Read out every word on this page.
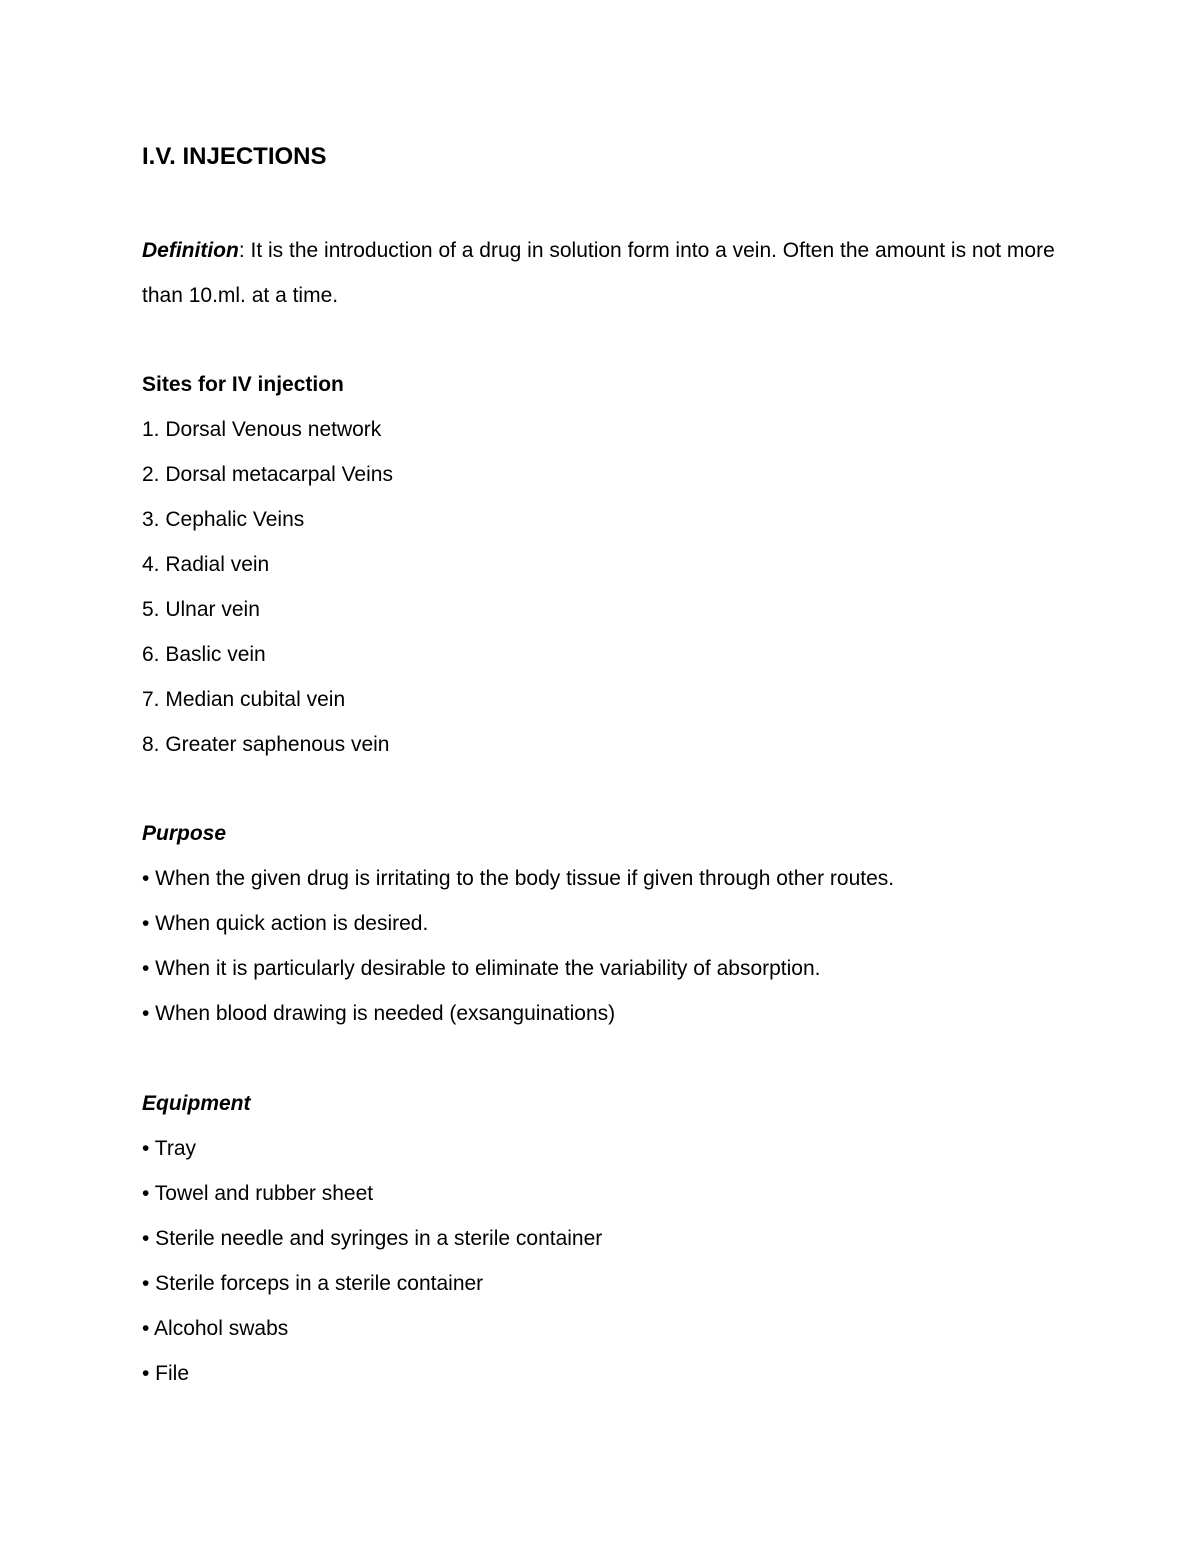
I.V. INJECTIONS
Definition: It is the introduction of a drug in solution form into a vein. Often the amount is not more than 10.ml. at a time.
Sites for IV injection
1. Dorsal Venous network
2. Dorsal metacarpal Veins
3. Cephalic Veins
4. Radial vein
5. Ulnar vein
6. Baslic vein
7. Median cubital vein
8. Greater saphenous vein
Purpose
• When the given drug is irritating to the body tissue if given through other routes.
• When quick action is desired.
• When it is particularly desirable to eliminate the variability of absorption.
• When blood drawing is needed (exsanguinations)
Equipment
• Tray
• Towel and rubber sheet
• Sterile needle and syringes in a sterile container
• Sterile forceps in a sterile container
• Alcohol swabs
• File
